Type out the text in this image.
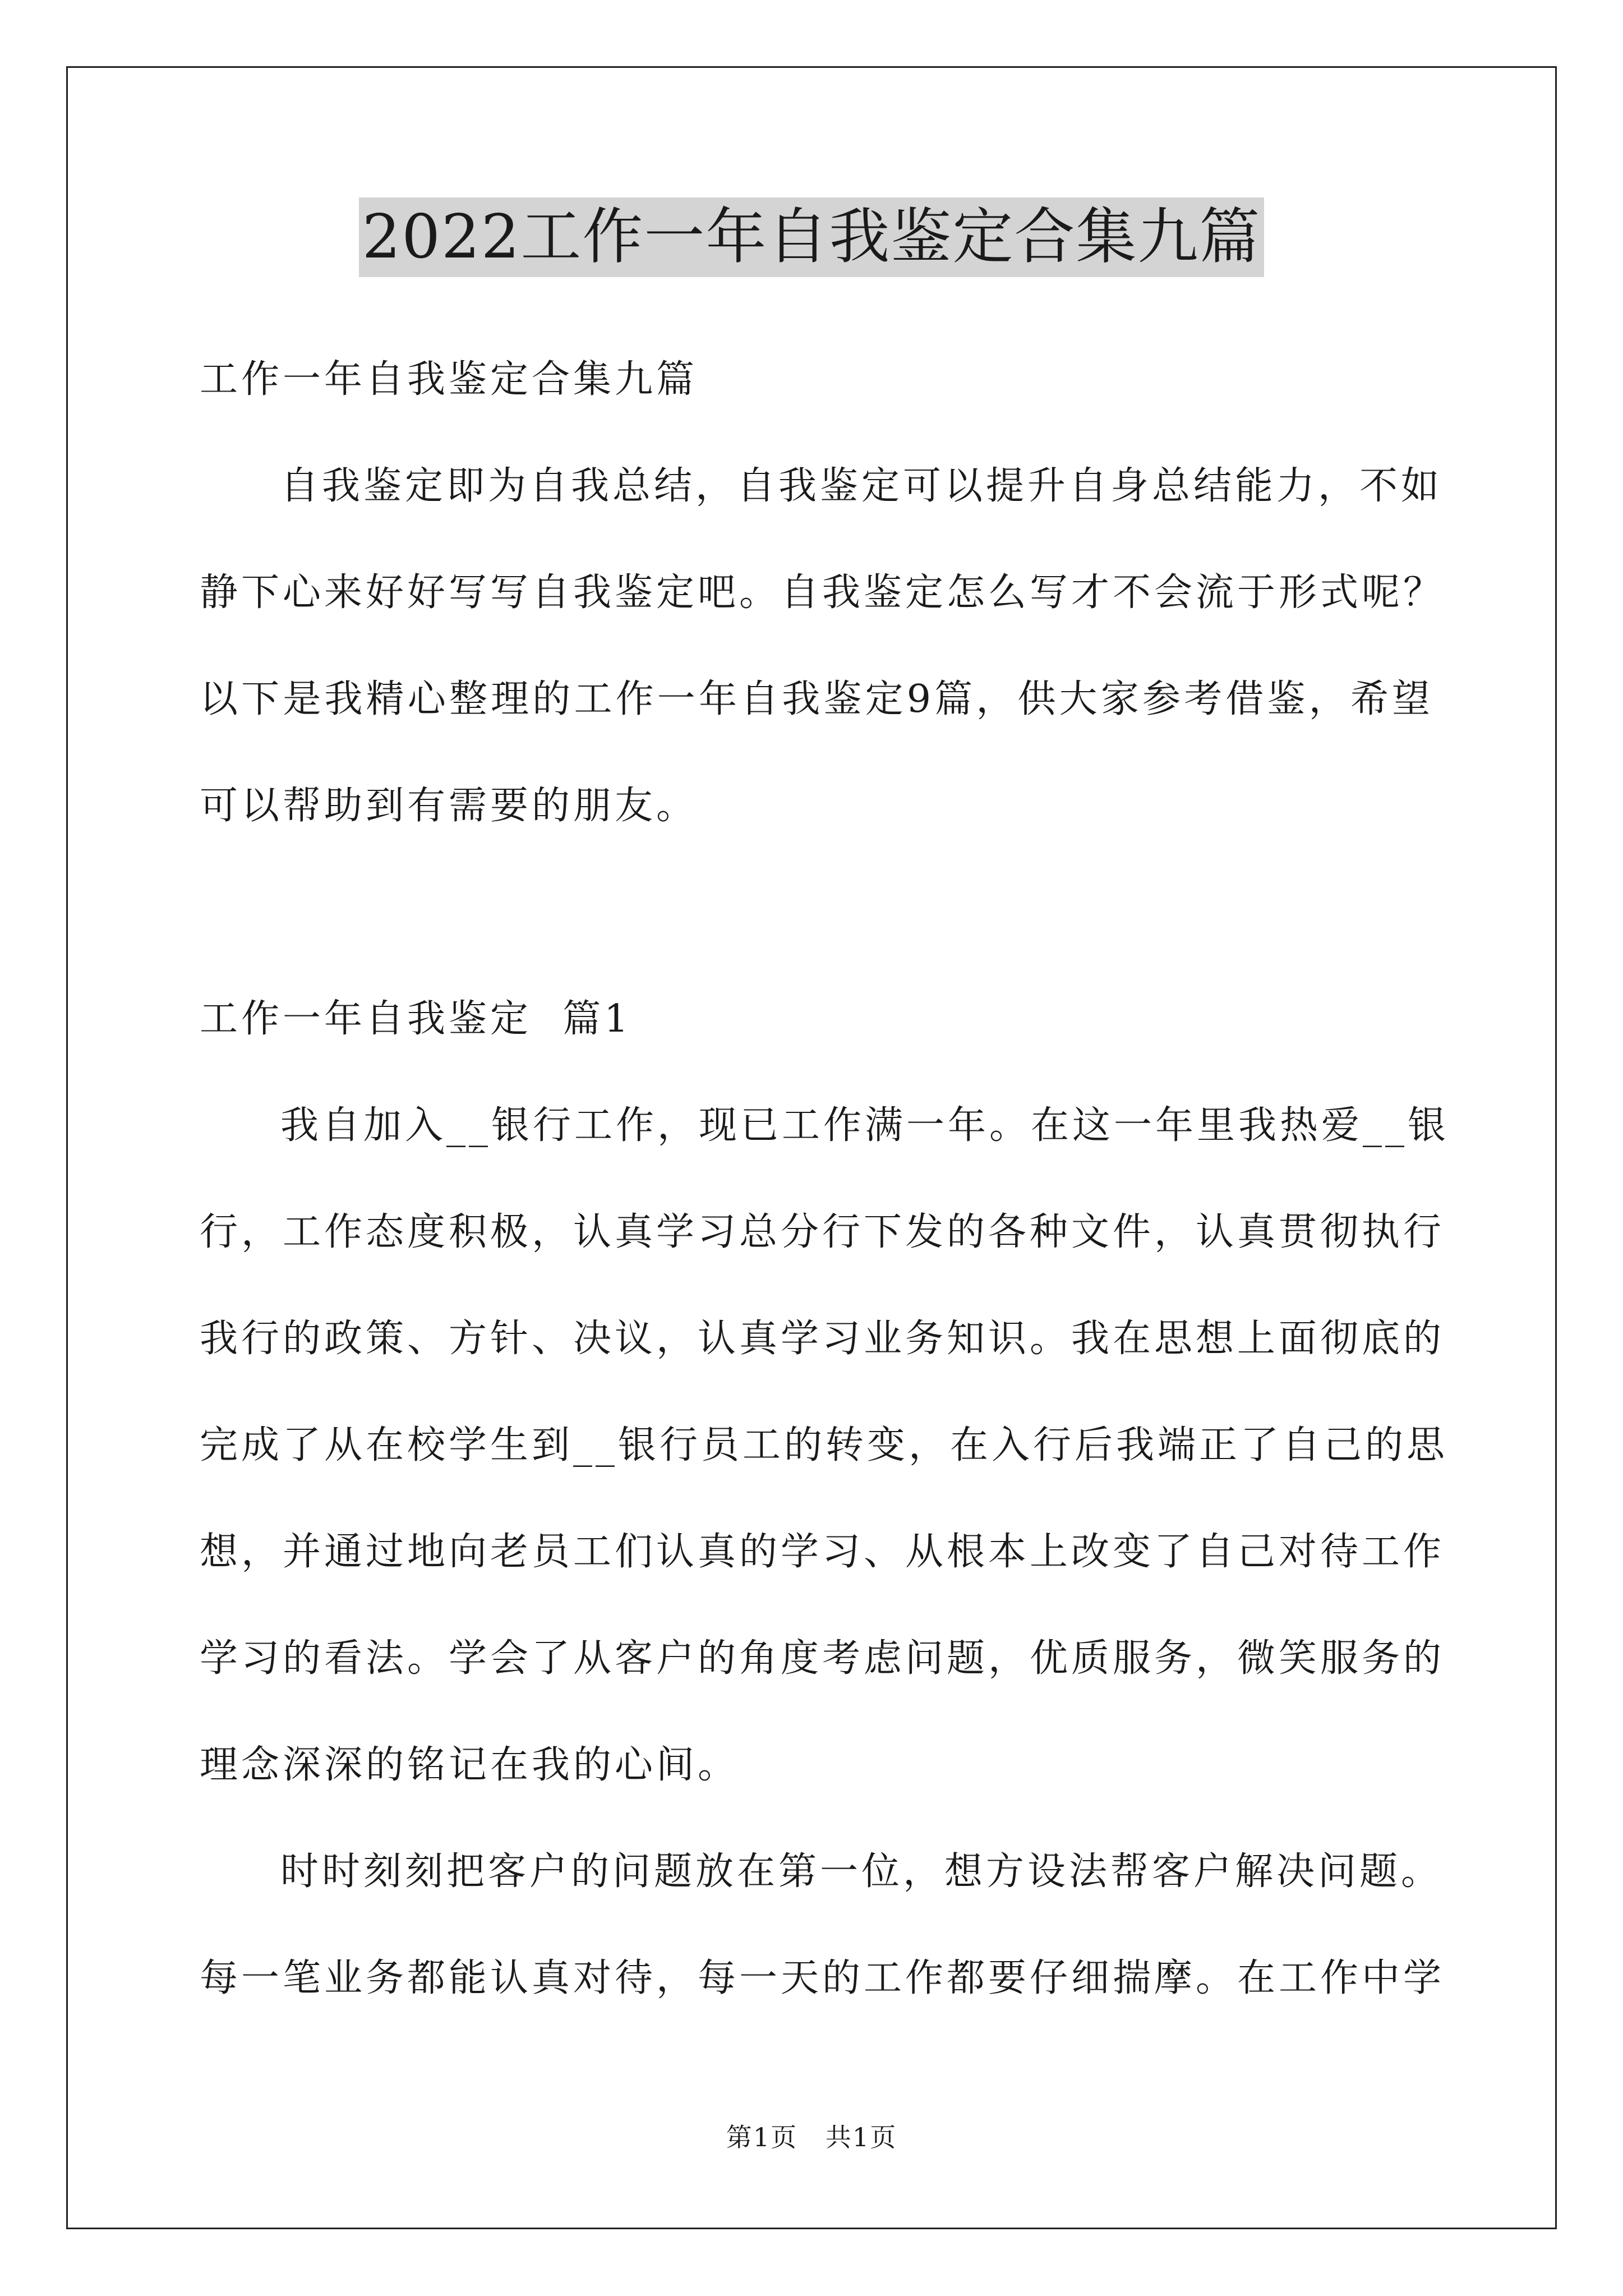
2022工作一年自我鉴定合集九篇
工作一年自我鉴定合集九篇
自我鉴定即为自我总结，自我鉴定可以提升自身总结能力，不如
静下心来好好写写自我鉴定吧。自我鉴定怎么写才不会流于形式呢？
以下是我精心整理的工作一年自我鉴定9篇，供大家参考借鉴，希望
可以帮助到有需要的朋友。
工作一年自我鉴定  篇1
我自加入__银行工作，现已工作满一年。在这一年里我热爱__银
行，工作态度积极，认真学习总分行下发的各种文件，认真贯彻执行
我行的政策、方针、决议，认真学习业务知识。我在思想上面彻底的
完成了从在校学生到__银行员工的转变，在入行后我端正了自己的思
想，并通过地向老员工们认真的学习、从根本上改变了自己对待工作
学习的看法。学会了从客户的角度考虑问题，优质服务，微笑服务的
理念深深的铭记在我的心间。
时时刻刻把客户的问题放在第一位，想方设法帮客户解决问题。
每一笔业务都能认真对待，每一天的工作都要仔细揣摩。在工作中学
第1页   共1页
